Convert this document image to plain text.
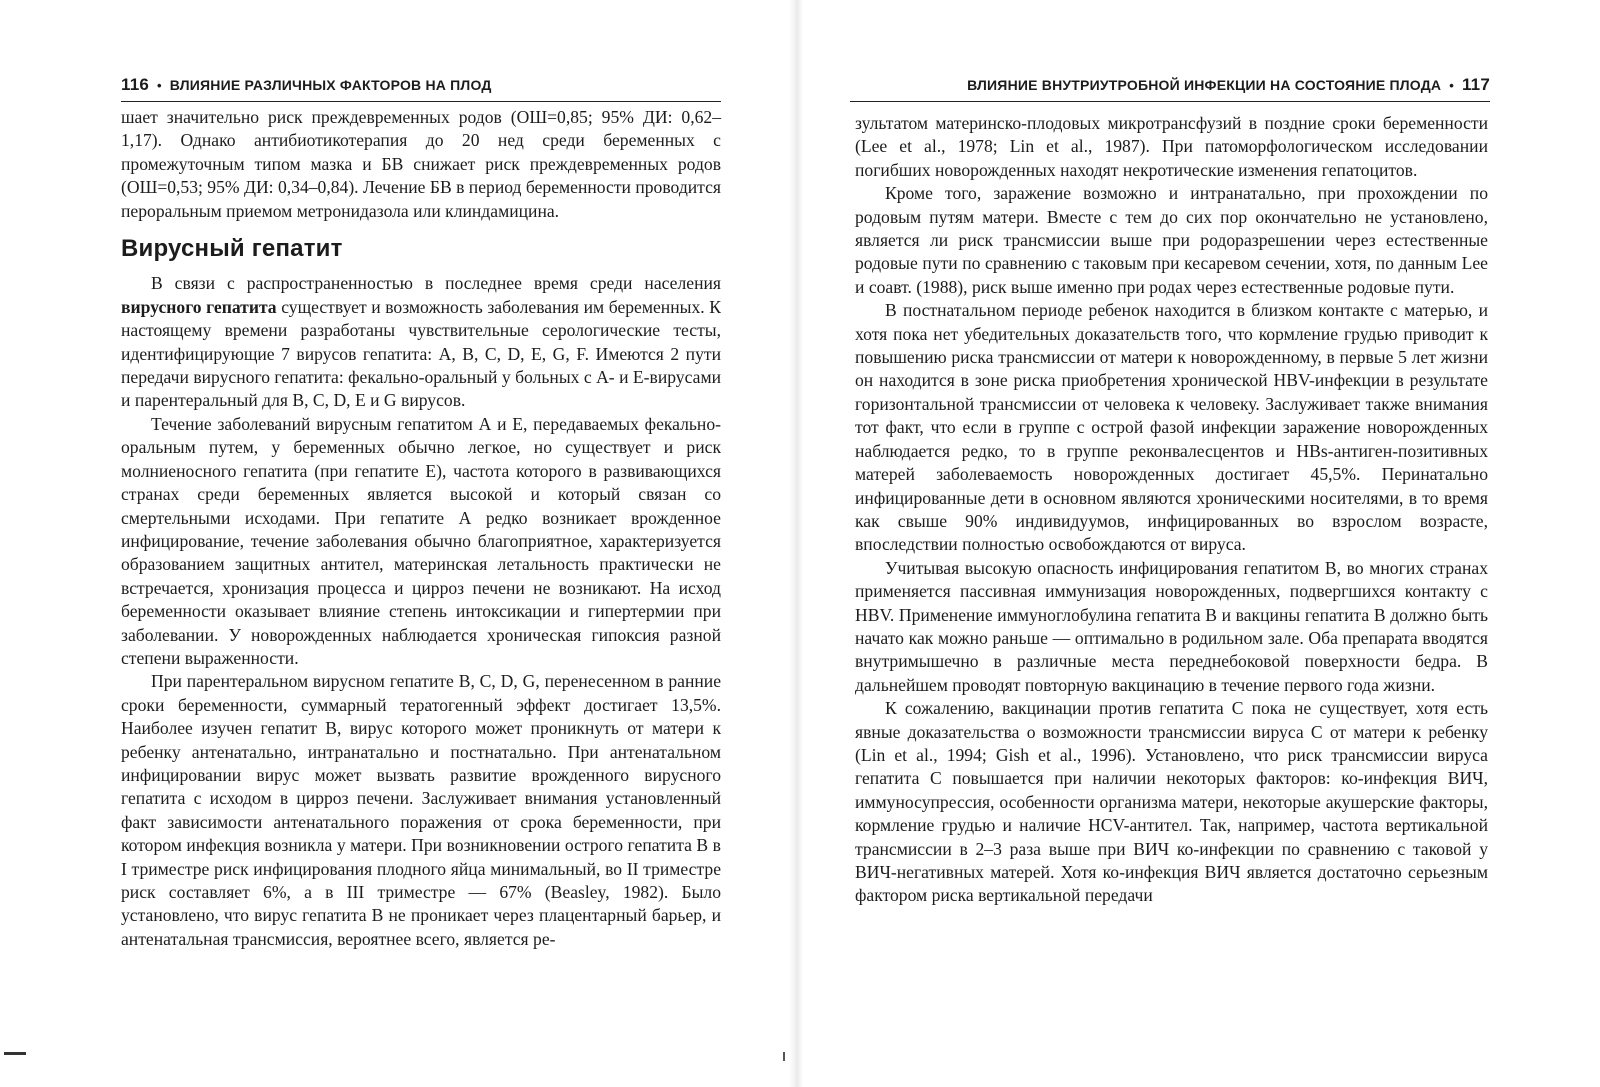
116 • ВЛИЯНИЕ РАЗЛИЧНЫХ ФАКТОРОВ НА ПЛОД

шает значительно риск преждевременных родов (ОШ=0,85; 95% ДИ: 0,62–1,17). Однако антибиотикотерапия до 20 нед среди беременных с промежуточным типом мазка и БВ снижает риск преждевременных родов (ОШ=0,53; 95% ДИ: 0,34–0,84). Лечение БВ в период беременности проводится пероральным приемом метронидазола или клиндамицина.

Вирусный гепатит

В связи с распространенностью в последнее время среди населения вирусного гепатита существует и возможность заболевания им беременных. К настоящему времени разработаны чувствительные серологические тесты, идентифицирующие 7 вирусов гепатита: A, B, C, D, E, G, F. Имеются 2 пути передачи вирусного гепатита: фекально-оральный у больных с А- и Е-вирусами и парентеральный для B, C, D, E и G вирусов.

Течение заболеваний вирусным гепатитом А и Е, передаваемых фекально-оральным путем, у беременных обычно легкое, но существует и риск молниеносного гепатита (при гепатите Е), частота которого в развивающихся странах среди беременных является высокой и который связан со смертельными исходами. При гепатите А редко возникает врожденное инфицирование, течение заболевания обычно благоприятное, характеризуется образованием защитных антител, материнская летальность практически не встречается, хронизация процесса и цирроз печени не возникают. На исход беременности оказывает влияние степень интоксикации и гипертермии при заболевании. У новорожденных наблюдается хроническая гипоксия разной степени выраженности.

При парентеральном вирусном гепатите B, C, D, G, перенесенном в ранние сроки беременности, суммарный тератогенный эффект достигает 13,5%. Наиболее изучен гепатит В, вирус которого может проникнуть от матери к ребенку антенатально, интранатально и постнатально. При антенатальном инфицировании вирус может вызвать развитие врожденного вирусного гепатита с исходом в цирроз печени. Заслуживает внимания установленный факт зависимости антенатального поражения от срока беременности, при котором инфекция возникла у матери. При возникновении острого гепатита В в I триместре риск инфицирования плодного яйца минимальный, во II триместре риск составляет 6%, а в III триместре — 67% (Beasley, 1982). Было установлено, что вирус гепатита В не проникает через плацентарный барьер, и антенатальная трансмиссия, вероятнее всего, является ре-

ВЛИЯНИЕ ВНУТРИУТРОБНОЙ ИНФЕКЦИИ НА СОСТОЯНИЕ ПЛОДА • 117

зультатом материнско-плодовых микротрансфузий в поздние сроки беременности (Lee et al., 1978; Lin et al., 1987). При патоморфологическом исследовании погибших новорожденных находят некротические изменения гепатоцитов.

Кроме того, заражение возможно и интранатально, при прохождении по родовым путям матери. Вместе с тем до сих пор окончательно не установлено, является ли риск трансмиссии выше при родоразрешении через естественные родовые пути по сравнению с таковым при кесаревом сечении, хотя, по данным Lee и соавт. (1988), риск выше именно при родах через естественные родовые пути.

В постнатальном периоде ребенок находится в близком контакте с матерью, и хотя пока нет убедительных доказательств того, что кормление грудью приводит к повышению риска трансмиссии от матери к новорожденному, в первые 5 лет жизни он находится в зоне риска приобретения хронической HBV-инфекции в результате горизонтальной трансмиссии от человека к человеку. Заслуживает также внимания тот факт, что если в группе с острой фазой инфекции заражение новорожденных наблюдается редко, то в группе реконвалесцентов и HBs-антиген-позитивных матерей заболеваемость новорожденных достигает 45,5%. Перинатально инфицированные дети в основном являются хроническими носителями, в то время как свыше 90% индивидуумов, инфицированных во взрослом возрасте, впоследствии полностью освобождаются от вируса.

Учитывая высокую опасность инфицирования гепатитом В, во многих странах применяется пассивная иммунизация новорожденных, подвергшихся контакту с HBV. Применение иммуноглобулина гепатита В и вакцины гепатита В должно быть начато как можно раньше — оптимально в родильном зале. Оба препарата вводятся внутримышечно в различные места переднебоковой поверхности бедра. В дальнейшем проводят повторную вакцинацию в течение первого года жизни.

К сожалению, вакцинации против гепатита С пока не существует, хотя есть явные доказательства о возможности трансмиссии вируса С от матери к ребенку (Lin et al., 1994; Gish et al., 1996). Установлено, что риск трансмиссии вируса гепатита С повышается при наличии некоторых факторов: ко-инфекция ВИЧ, иммуносупрессия, особенности организма матери, некоторые акушерские факторы, кормление грудью и наличие HCV-антител. Так, например, частота вертикальной трансмиссии в 2–3 раза выше при ВИЧ ко-инфекции по сравнению с таковой у ВИЧ-негативных матерей. Хотя ко-инфекция ВИЧ является достаточно серьезным фактором риска вертикальной передачи
